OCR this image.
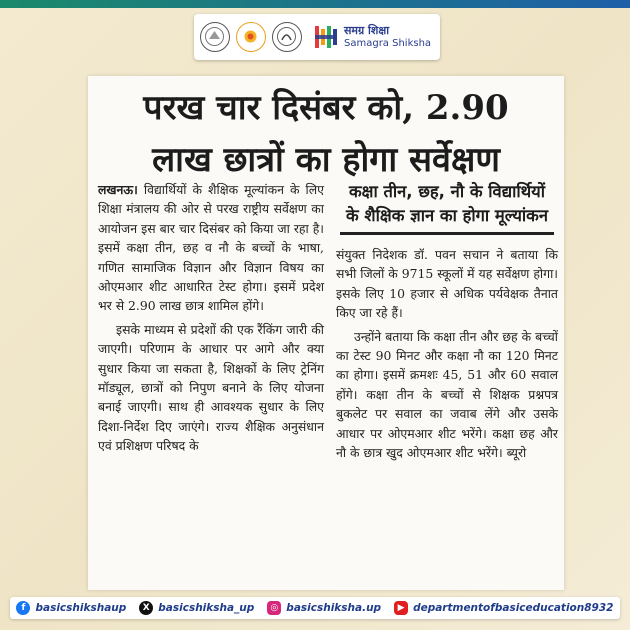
समग्र शिक्षा
Samagra Shiksha
परख चार दिसंबर को, 2.90
लाख छात्रों का होगा सर्वेक्षण

लखनऊ। विद्यार्थियों के शैक्षिक मूल्यांकन के लिए शिक्षा मंत्रालय की ओर से परख राष्ट्रीय सर्वेक्षण का आयोजन इस बार चार दिसंबर को किया जा रहा है। इसमें कक्षा तीन, छह व नौ के बच्चों के भाषा, गणित सामाजिक विज्ञान और विज्ञान विषय का ओएमआर शीट आधारित टेस्ट होगा। इसमें प्रदेश भर से 2.90 लाख छात्र शामिल होंगे।

इसके माध्यम से प्रदेशों की एक रैंकिंग जारी की जाएगी। परिणाम के आधार पर आगे और क्या सुधार किया जा सकता है, शिक्षकों के लिए ट्रेनिंग मॉड्यूल, छात्रों को निपुण बनाने के लिए योजना बनाई जाएगी। साथ ही आवश्यक सुधार के लिए दिशा-निर्देश दिए जाएंगे। राज्य शैक्षिक अनुसंधान एवं प्रशिक्षण परिषद के

कक्षा तीन, छह, नौ के विद्यार्थियों के शैक्षिक ज्ञान का होगा मूल्यांकन

संयुक्त निदेशक डॉ. पवन सचान ने बताया कि सभी जिलों के 9715 स्कूलों में यह सर्वेक्षण होगा। इसके लिए 10 हजार से अधिक पर्यवेक्षक तैनात किए जा रहे हैं।

उन्होंने बताया कि कक्षा तीन और छह के बच्चों का टेस्ट 90 मिनट और कक्षा नौ का 120 मिनट का होगा। इसमें क्रमशः 45, 51 और 60 सवाल होंगे। कक्षा तीन के बच्चों से शिक्षक प्रश्नपत्र बुकलेट पर सवाल का जवाब लेंगे और उसके आधार पर ओएमआर शीट भरेंगे। कक्षा छह और नौ के छात्र खुद ओएमआर शीट भरेंगे। ब्यूरो

f basicshikshaup	X basicshiksha_up	◎ basicshiksha.up	▶ departmentofbasiceducation8932
